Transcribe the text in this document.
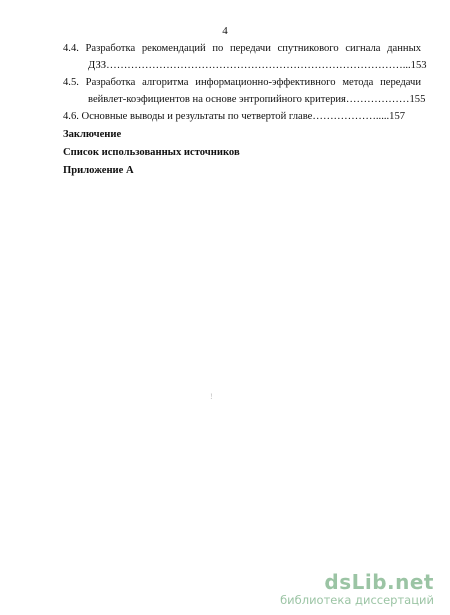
4
4.4. Разработка рекомендаций по передачи спутникового сигнала данных
ДЗЗ…………………………………………………………………………...153
4.5. Разработка алгоритма информационно-эффективного метода передачи
вейвлет-коэфициентов на основе энтропийного критерия………………155
4.6. Основные выводы и результаты по четвертой главе……………….....157
Заключение
Список использованных источников
Приложение А
!
dsLib.net
библиотека диссертаций
